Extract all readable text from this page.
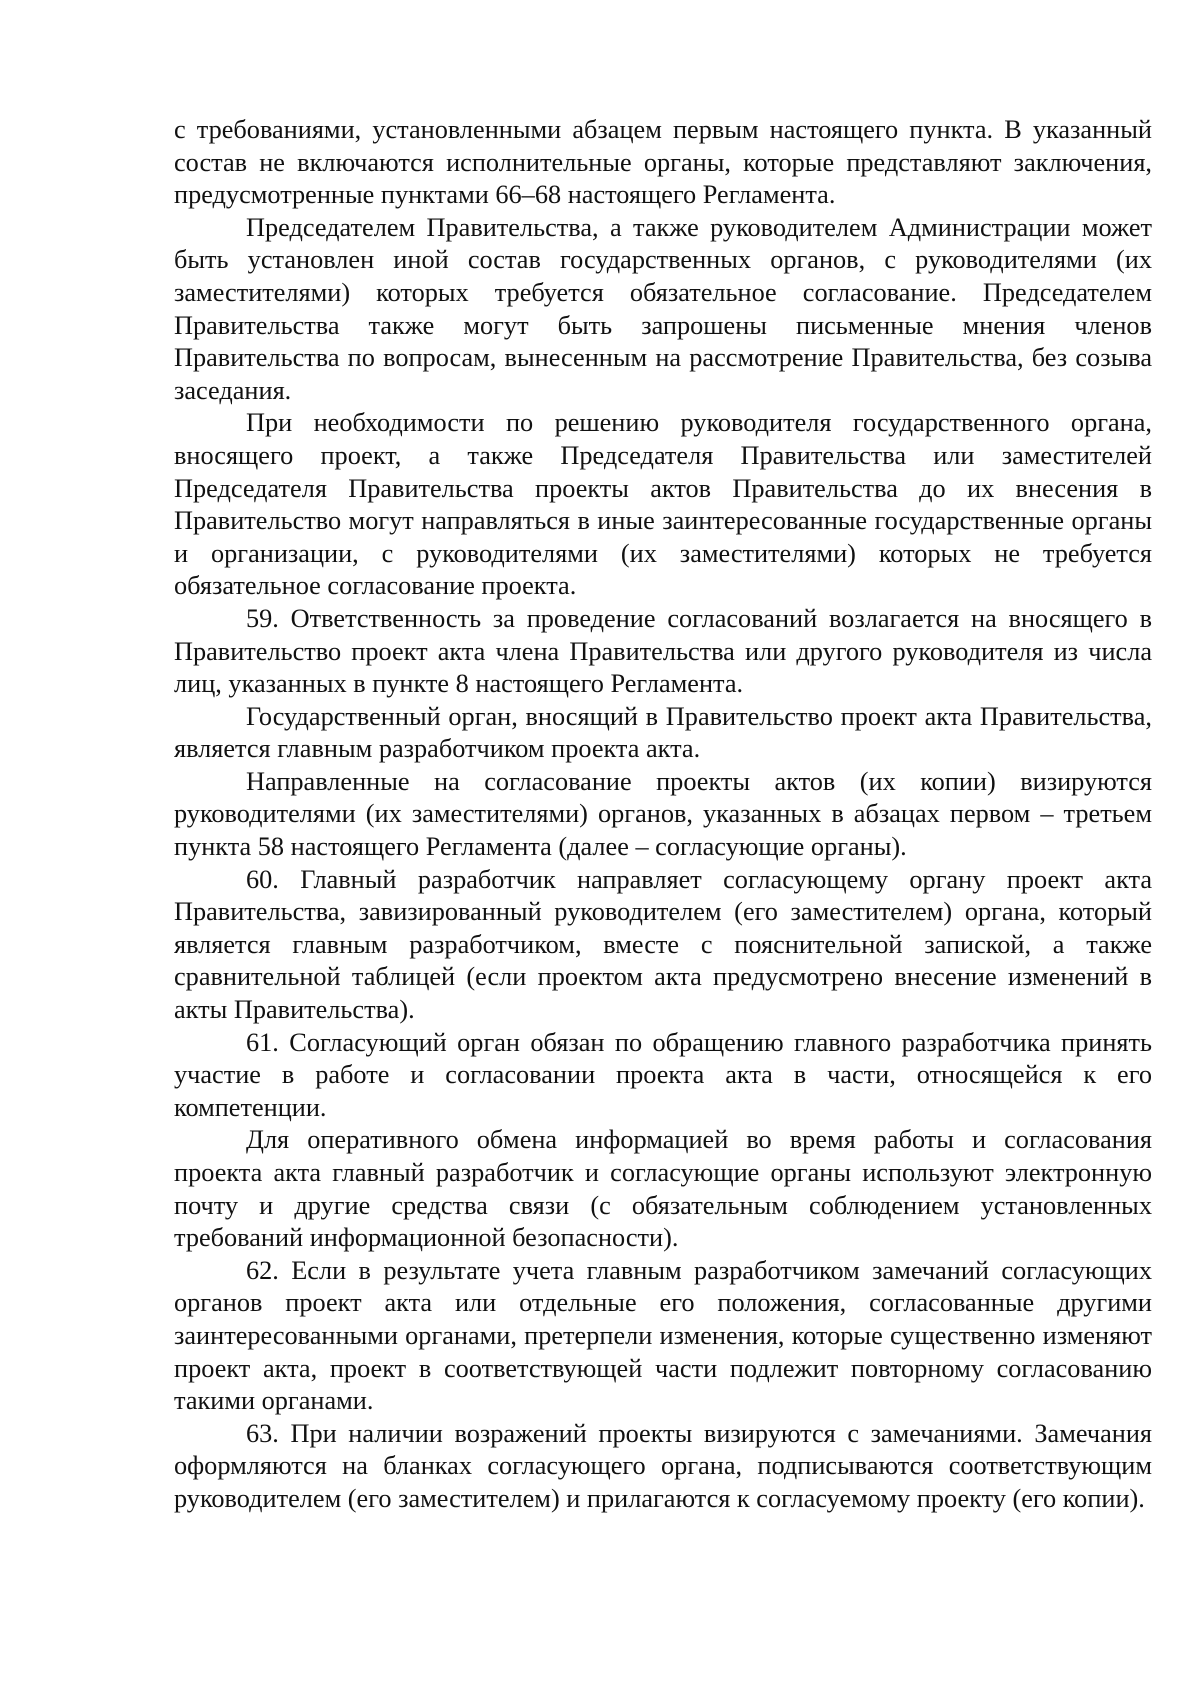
с требованиями, установленными абзацем первым настоящего пункта. В указанный состав не включаются исполнительные органы, которые представляют заключения, предусмотренные пунктами 66–68 настоящего Регламента.

Председателем Правительства, а также руководителем Администрации может быть установлен иной состав государственных органов, с руководителями (их заместителями) которых требуется обязательное согласование. Председателем Правительства также могут быть запрошены письменные мнения членов Правительства по вопросам, вынесенным на рассмотрение Правительства, без созыва заседания.

При необходимости по решению руководителя государственного органа, вносящего проект, а также Председателя Правительства или заместителей Председателя Правительства проекты актов Правительства до их внесения в Правительство могут направляться в иные заинтересованные государственные органы и организации, с руководителями (их заместителями) которых не требуется обязательное согласование проекта.

59. Ответственность за проведение согласований возлагается на вносящего в Правительство проект акта члена Правительства или другого руководителя из числа лиц, указанных в пункте 8 настоящего Регламента.

Государственный орган, вносящий в Правительство проект акта Правительства, является главным разработчиком проекта акта.

Направленные на согласование проекты актов (их копии) визируются руководителями (их заместителями) органов, указанных в абзацах первом – третьем пункта 58 настоящего Регламента (далее – согласующие органы).

60. Главный разработчик направляет согласующему органу проект акта Правительства, завизированный руководителем (его заместителем) органа, который является главным разработчиком, вместе с пояснительной запиской, а также сравнительной таблицей (если проектом акта предусмотрено внесение изменений в акты Правительства).

61. Согласующий орган обязан по обращению главного разработчика принять участие в работе и согласовании проекта акта в части, относящейся к его компетенции.

Для оперативного обмена информацией во время работы и согласования проекта акта главный разработчик и согласующие органы используют электронную почту и другие средства связи (с обязательным соблюдением установленных требований информационной безопасности).

62. Если в результате учета главным разработчиком замечаний согласующих органов проект акта или отдельные его положения, согласованные другими заинтересованными органами, претерпели изменения, которые существенно изменяют проект акта, проект в соответствующей части подлежит повторному согласованию такими органами.

63. При наличии возражений проекты визируются с замечаниями. Замечания оформляются на бланках согласующего органа, подписываются соответствующим руководителем (его заместителем) и прилагаются к согласуемому проекту (его копии).
